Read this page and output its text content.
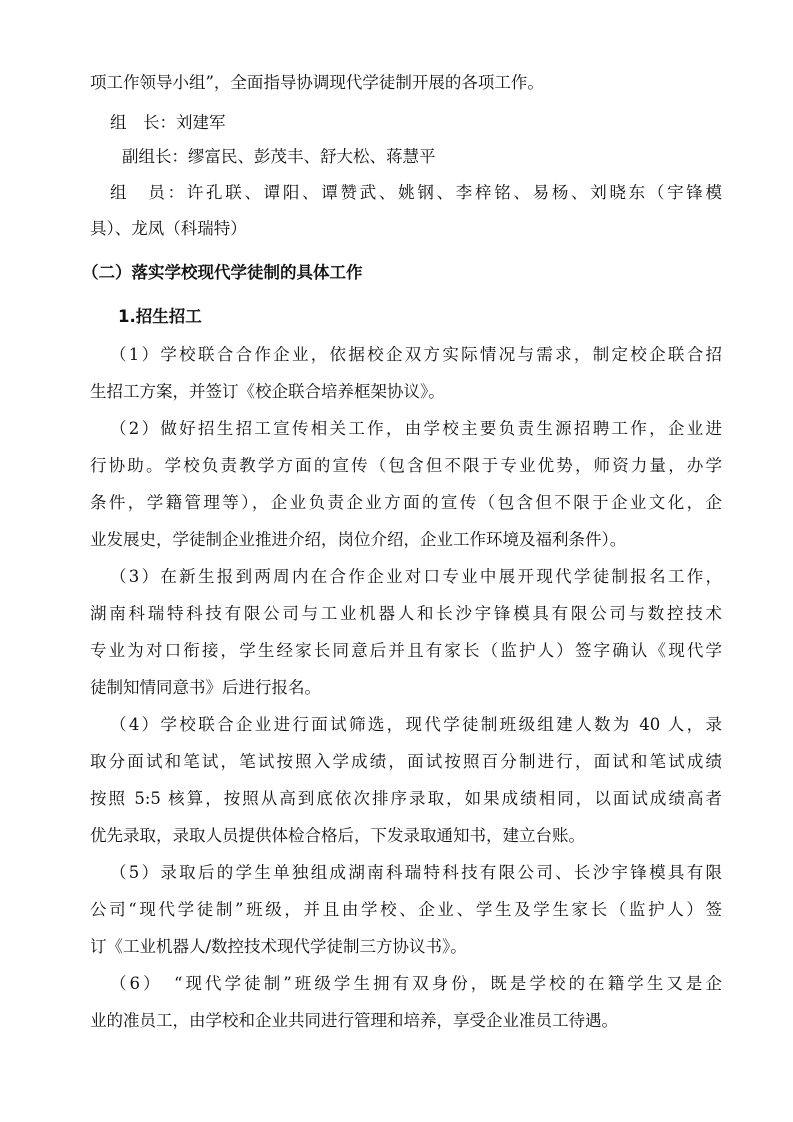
项工作领导小组”，全面指导协调现代学徒制开展的各项工作。
组　长：刘建军
副组长：缪富民、彭茂丰、舒大松、蒋慧平
组　员：许孔联、谭阳、谭赞武、姚钢、李梓铭、易杨、刘晓东（宇锋模
具）、龙凤（科瑞特）
（二）落实学校现代学徒制的具体工作
1.招生招工
（1）学校联合合作企业，依据校企双方实际情况与需求，制定校企联合招
生招工方案，并签订《校企联合培养框架协议》。
（2）做好招生招工宣传相关工作，由学校主要负责生源招聘工作，企业进
行协助。学校负责教学方面的宣传（包含但不限于专业优势，师资力量，办学
条件，学籍管理等），企业负责企业方面的宣传（包含但不限于企业文化，企
业发展史，学徒制企业推进介绍，岗位介绍，企业工作环境及福利条件）。
（3）在新生报到两周内在合作企业对口专业中展开现代学徒制报名工作，
湖南科瑞特科技有限公司与工业机器人和长沙宇锋模具有限公司与数控技术
专业为对口衔接，学生经家长同意后并且有家长（监护人）签字确认《现代学
徒制知情同意书》后进行报名。
（4）学校联合企业进行面试筛选，现代学徒制班级组建人数为 40 人，录
取分面试和笔试，笔试按照入学成绩，面试按照百分制进行，面试和笔试成绩
按照 5:5 核算，按照从高到底依次排序录取，如果成绩相同，以面试成绩高者
优先录取，录取人员提供体检合格后，下发录取通知书，建立台账。
（5）录取后的学生单独组成湖南科瑞特科技有限公司、长沙宇锋模具有限
公司“现代学徒制”班级，并且由学校、企业、学生及学生家长（监护人）签
订《工业机器人/数控技术现代学徒制三方协议书》。
（6）　“现代学徒制”班级学生拥有双身份，既是学校的在籍学生又是企
业的准员工，由学校和企业共同进行管理和培养，享受企业准员工待遇。
